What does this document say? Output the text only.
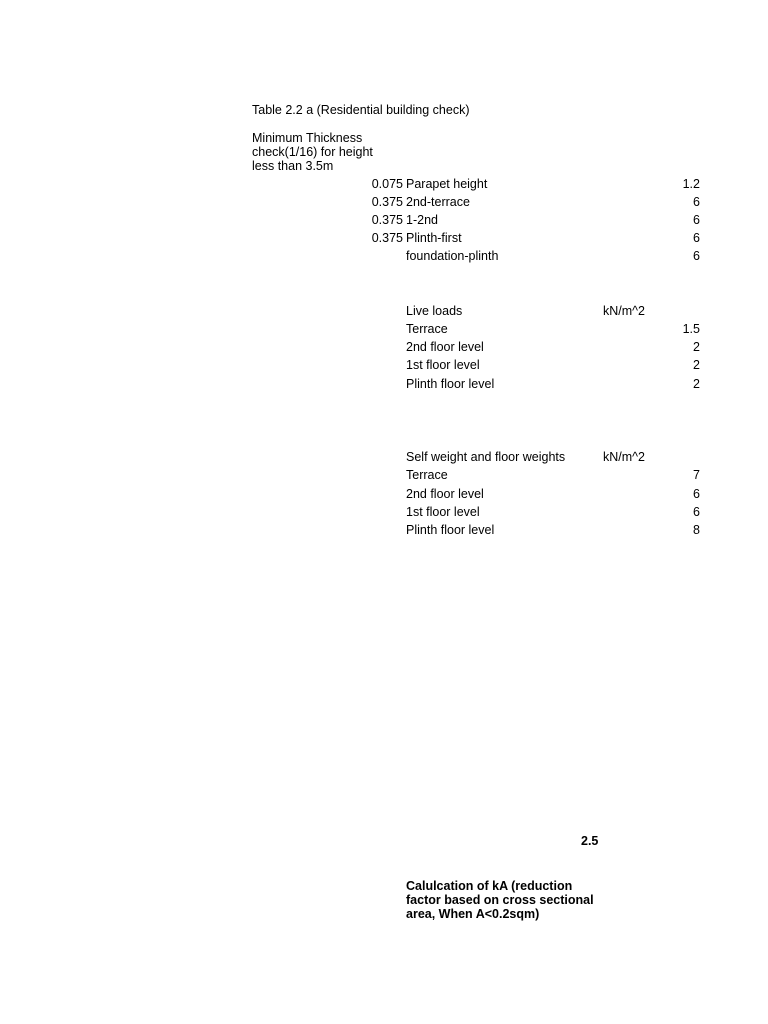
Table 2.2 a (Residential building check)
Minimum Thickness check(1/16) for height less than 3.5m
0.075 Parapet height	1.2
0.375 2nd-terrace	6
0.375 1-2nd	6
0.375 Plinth-first	6
foundation-plinth	6
Live loads	kN/m^2
Terrace	1.5
2nd floor level	2
1st floor level	2
Plinth floor level	2
Self weight and floor weights	kN/m^2
Terrace	7
2nd floor level	6
1st floor level	6
Plinth floor level	8
2.5
Calulcation of kA (reduction factor based on cross sectional area, When A<0.2sqm)
